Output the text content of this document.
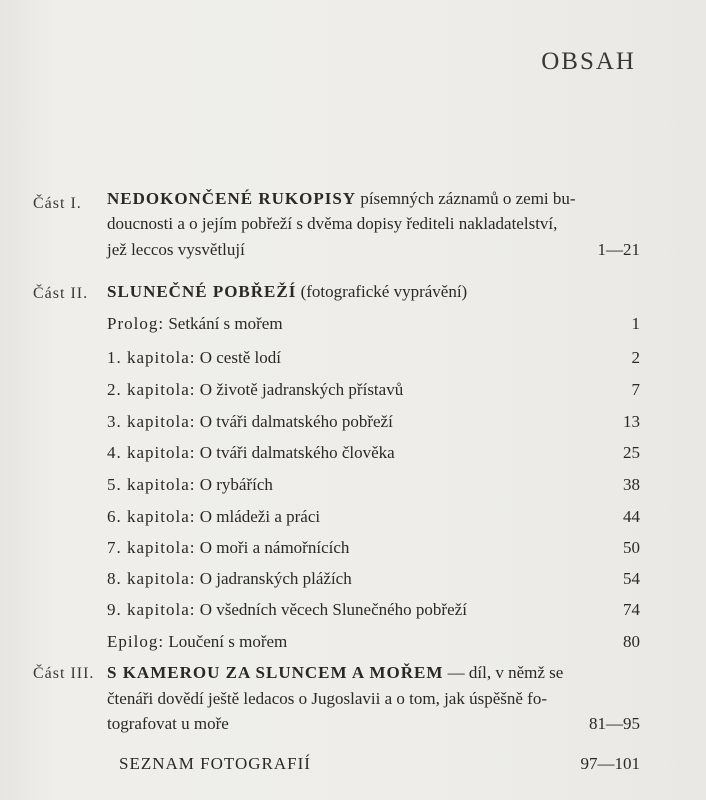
OBSAH
Část I. NEDOKONČENÉ RUKOPISY písemných záznamů o zemi bu-
doucnosti a o jejím pobřeží s dvěma dopisy řediteli nakladatelství,
jež leccos vysvětlují	1—21
Část II. SLUNEČNÉ POBŘEŽÍ (fotografické vyprávění)
Prolog: Setkání s mořem	1
1. kapitola: O cestě lodí	2
2. kapitola: O životě jadranských přístavů	7
3. kapitola: O tváři dalmatského pobřeží	13
4. kapitola: O tváři dalmatského člověka	25
5. kapitola: O rybářích	38
6. kapitola: O mládeži a práci	44
7. kapitola: O moři a námořnících	50
8. kapitola: O jadranských plážích	54
9. kapitola: O všedních věcech Slunečného pobřeží	74
Epilog: Loučení s mořem	80
Část III. S KAMEROU ZA SLUNCEM A MOŘEM — díl, v němž se
čtenáři dovědí ještě ledacos o Jugoslavii a o tom, jak úspěšně fo-
tografovat u moře	81—95
SEZNAM FOTOGRAFIÍ	97—101
